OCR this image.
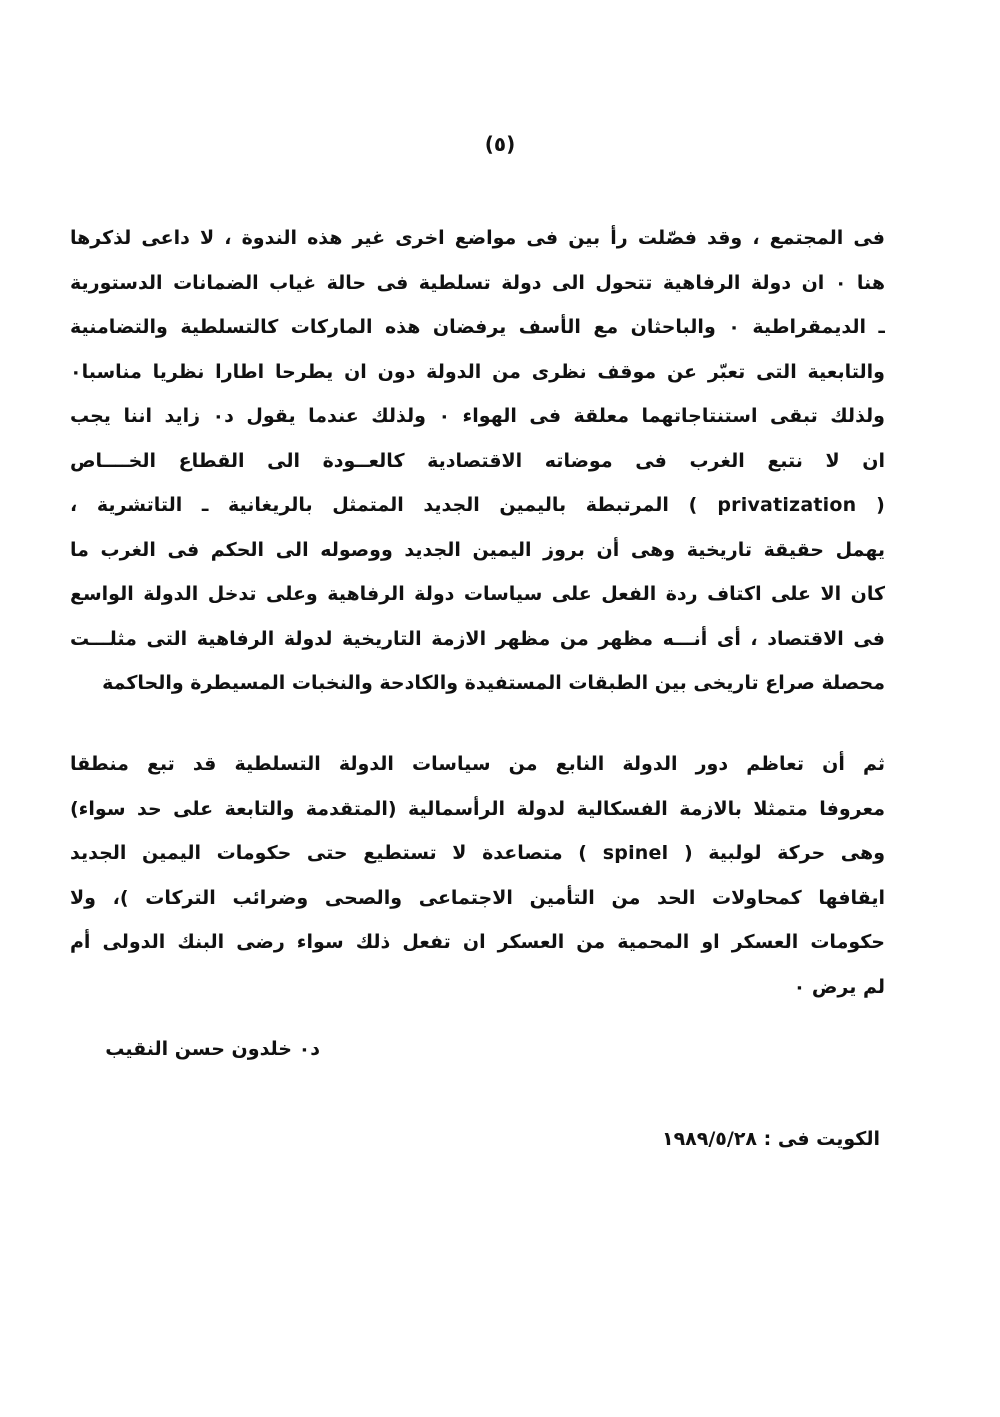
(٥)
فى المجتمع ، وقد فصّلت رأ بين فى مواضع اخرى غير هذه الندوة ، لا داعى لذكرها
هنا ٠ ان دولة الرفاهية تتحول الى دولة تسلطية فى حالة غياب الضمانات الدستورية
ـ الديمقراطية ٠ والباحثان مع الأسف يرفضان هذه الماركات كالتسلطية والتضامنية
والتابعية التى تعبّر عن موقف نظرى من الدولة دون ان يطرحا اطارا نظريا مناسبا٠
ولذلك تبقى استنتاجاتهما معلقة فى الهواء ٠ ولذلك عندما يقول د٠ زايد اننا يجب
ان لا نتبع الغرب فى موضاته الاقتصادية كالعــودة الى القطاع الخــــاص
( privatization ) المرتبطة باليمين الجديد المتمثل بالريغانية ـ التاتشرية ،
يهمل حقيقة تاريخية وهى أن بروز اليمين الجديد ووصوله الى الحكم فى الغرب ما
كان الا على اكتاف ردة الفعل على سياسات دولة الرفاهية وعلى تدخل الدولة الواسع
فى الاقتصاد ، أى أنـــه مظهر من مظهر الازمة التاريخية لدولة الرفاهية التى مثلـــت
محصلة صراع تاريخى بين الطبقات المستفيدة والكادحة والنخبات المسيطرة والحاكمة
ثم أن تعاظم دور الدولة النابع من سياسات الدولة التسلطية قد تبع منطقا
معروفا متمثلا بالازمة الفسكالية لدولة الرأسمالية (المتقدمة والتابعة على حد سواء)
وهى حركة لولبية ( spinel ) متصاعدة لا تستطيع حتى حكومات اليمين الجديد
ايقافها كمحاولات الحد من التأمين الاجتماعى والصحى وضرائب التركات )، ولا
حكومات العسكر او المحمية من العسكر ان تفعل ذلك سواء رضى البنك الدولى أم
لم يرض ٠
د٠ خلدون حسن النقيب
الكويت فى : ١٩٨٩/٥/٢٨
